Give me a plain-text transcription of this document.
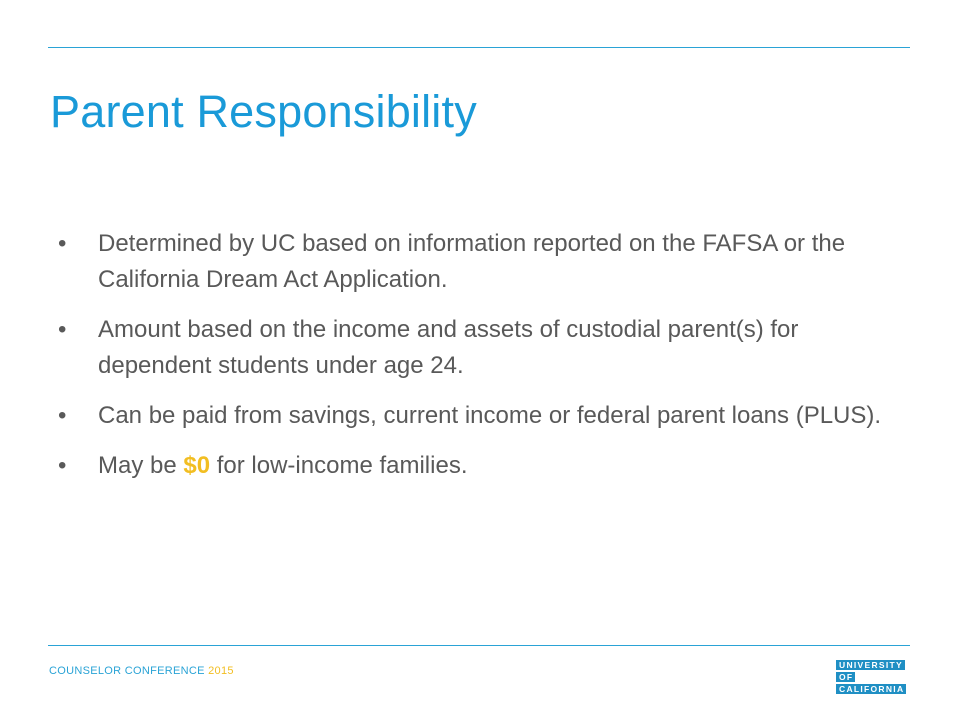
Parent Responsibility
• Determined by UC based on information reported on the FAFSA or the California Dream Act Application.
• Amount based on the income and assets of custodial parent(s) for dependent students under age 24.
• Can be paid from savings, current income or federal parent loans (PLUS).
• May be $0 for low-income families.
COUNSELOR CONFERENCE 2015	UNIVERSITY
OF
CALIFORNIA
